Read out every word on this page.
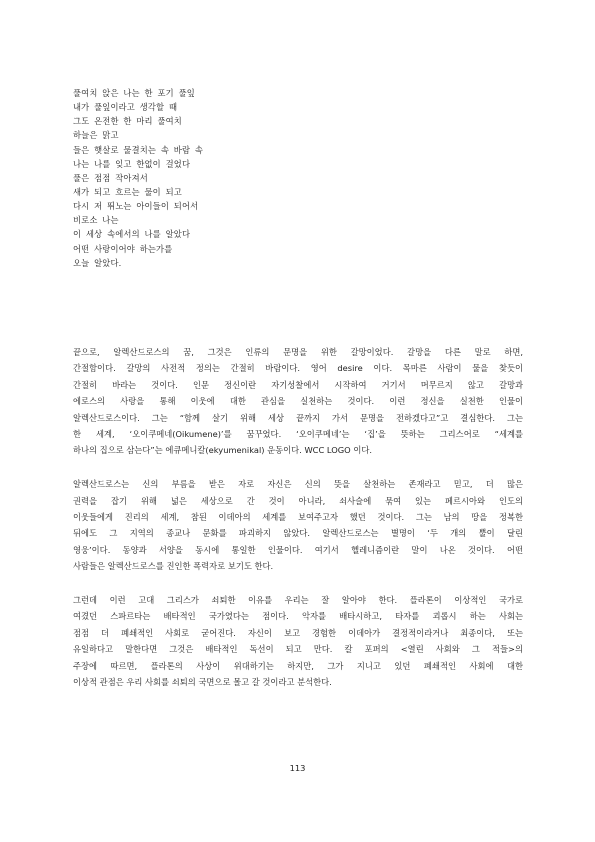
풀여치 앉은 나는 한 포기 풀잎
내가 풀잎이라고 생각할 때
그도 온전한 한 마리 풀여치
하늘은 맑고
들은 햇살로 물결치는 속 바람 속
나는 나를 잊고 한없이 걸었다
풀은 점점 작아져서
새가 되고 흐르는 물이 되고
다시 저 뛰노는 아이들이 되어서
비로소 나는
이 세상 속에서의 나를 알았다
어떤 사랑이어야 하는가를
오늘 알았다.
끝으로, 알렉산드로스의 꿈, 그것은 인류의 문명을 위한 갈망이었다. 갈망을 다른 말로 하면,
간절함이다. 갈망의 사전적 정의는 간절히 바람이다. 영어 desire 이다. 목마른 사람이 물을 찾듯이
간절히 바라는 것이다. 인문 정신이란 자기성찰에서 시작하여 거기서 머무르지 않고 갈망과
에로스의 사랑을 통해 이웃에 대한 관심을 실천하는 것이다. 이런 정신을 실천한 인물이
알렉산드로스이다. 그는 “함께 살기 위해 세상 끝까지 가서 문명을 전하겠다고”고 결심한다. 그는
한 세계, ‘오이쿠메네(Oikumene)’를 꿈꾸었다. ‘오이쿠메네’는 ‘집’을 뜻하는 그리스어로 “세계를
하나의 집으로 삼는다”는 에큐메니칼(ekyumenikal) 운동이다. WCC LOGO 이다.
알렉산드로스는 신의 부름을 받은 자로 자신은 신의 뜻을 살천하는 존재라고 믿고, 더 많은
권력을 잡기 위해 넓은 세상으로 간 것이 아니라, 쇠사슬에 묶여 있는 페르시아와 인도의
이웃들에게 진리의 세계, 참된 이데아의 세계를 보여주고자 했던 것이다. 그는 남의 땅을 정복한
뒤에도 그 지역의 종교나 문화를 파괴하지 않았다. 알렉산드로스는 별명이 ‘두 개의 뿔이 달린
영웅’이다. 동양과 서양을 동시에 통일한 인물이다. 여기서 헬레니즘이란 말이 나온 것이다. 어떤
사람들은 알렉산드로스를 진인한 폭력자로 보기도 한다.
그런데 이런 고대 그리스가 쇠퇴한 이유를 우리는 잘 알아야 한다. 플라톤이 이상적인 국가로
여겼던 스파르타는 배타적인 국가였다는 점이다. 악자를 배타시하고, 타자를 괴롭시 하는 사회는
점점 더 폐쇄적인 사회로 굳어진다. 자신이 보고 경험한 이데아가 결정적이라거나 최종이다, 또는
유일하다고 말한다면 그것은 배타적인 독선이 되고 만다. 칼 포퍼의 <열린 사회와 그 적들>의
주장에 따르면, 플라톤의 사상이 위대하기는 하지만, 그가 지니고 있던 폐쇄적인 사회에 대한
이상적 관점은 우리 사회를 쇠퇴의 국면으로 몰고 갈 것이라고 분석한다.
113
